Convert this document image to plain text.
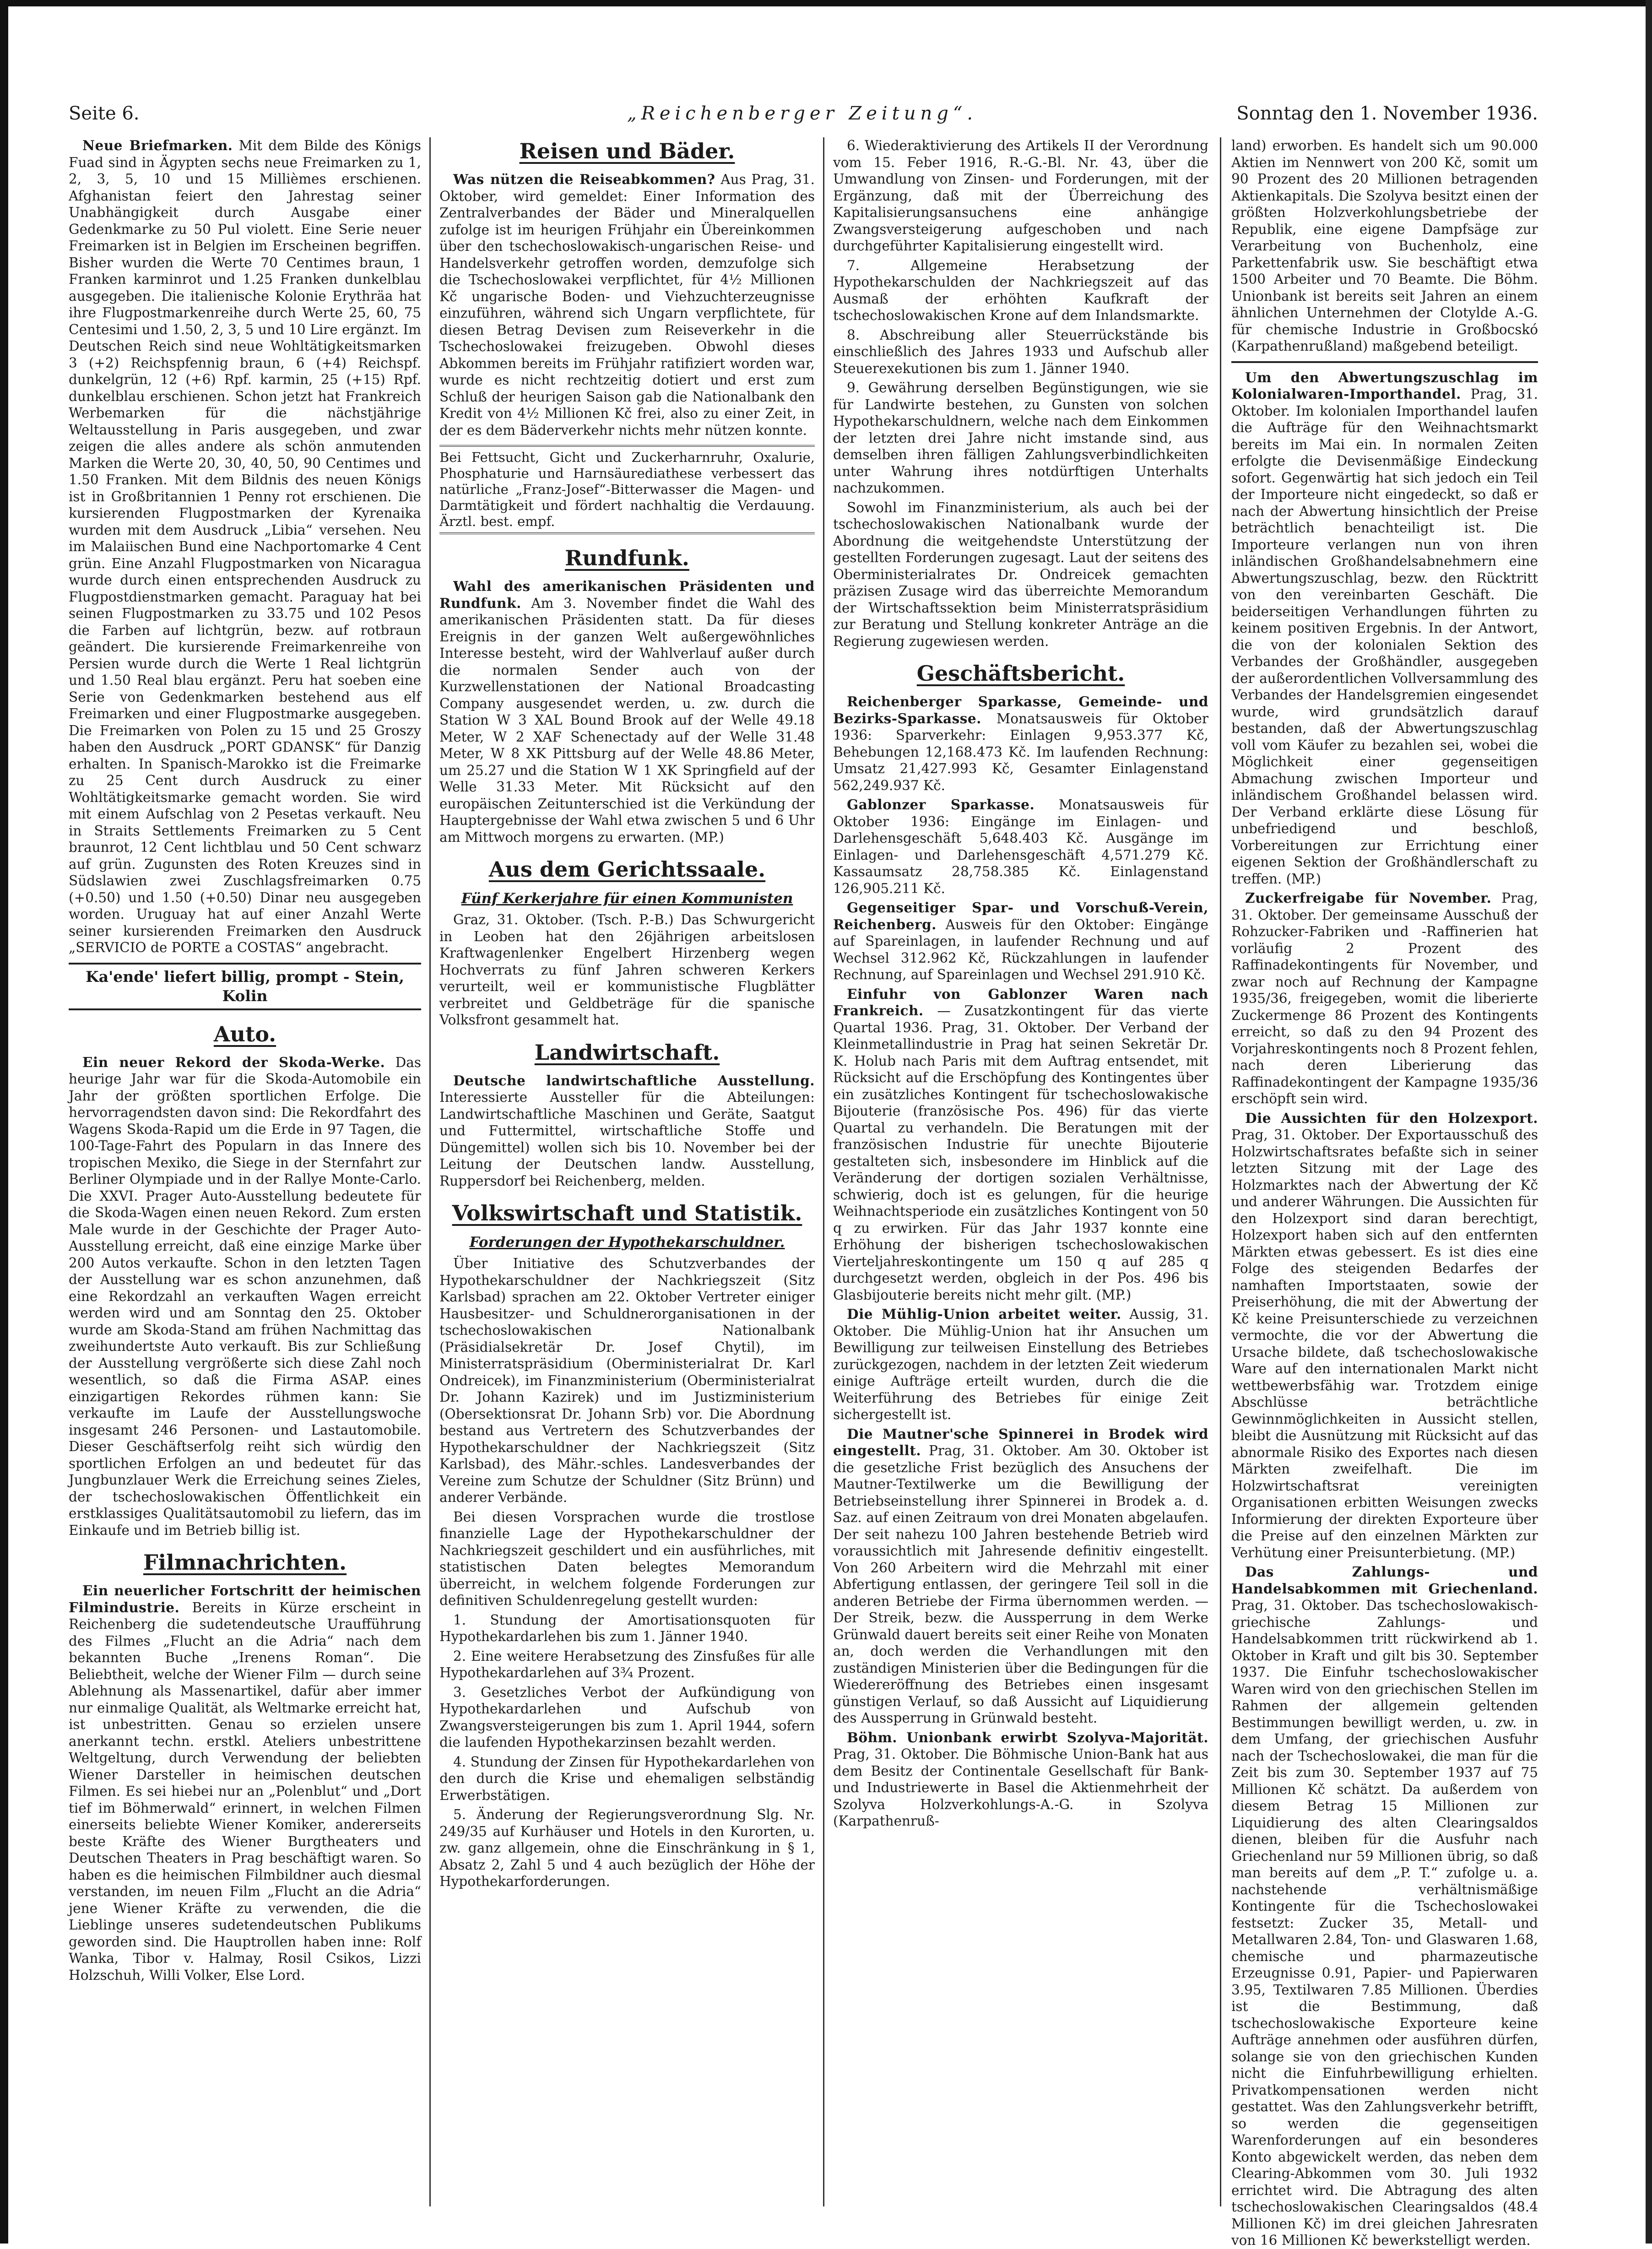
Seite 6.	„Reichenberger Zeitung“.	Sonntag den 1. November 1936.

Neue Briefmarken. Mit dem Bilde des Königs Fuad sind in Ägypten sechs neue Freimarken zu 1, 2, 3, 5, 10 und 15 Millièmes erschienen. Afghanistan feiert den Jahrestag seiner Unabhängigkeit durch Ausgabe einer Gedenkmarke zu 50 Pul violett. Eine Serie neuer Freimarken ist in Belgien im Erscheinen begriffen. Bisher wurden die Werte 70 Centimes braun, 1 Franken karminrot und 1.25 Franken dunkelblau ausgegeben. Die italienische Kolonie Erythräa hat ihre Flugpostmarkenreihe durch Werte 25, 60, 75 Centesimi und 1.50, 2, 3, 5 und 10 Lire ergänzt. Im Deutschen Reich sind neue Wohltätigkeitsmarken 3 (+2) Reichspfennig braun, 6 (+4) Reichspf. dunkelgrün, 12 (+6) Rpf. karmin, 25 (+15) Rpf. dunkelblau erschienen. Schon jetzt hat Frankreich Werbemarken für die nächstjährige Weltausstellung in Paris ausgegeben, und zwar zeigen die alles andere als schön anmutenden Marken die Werte 20, 30, 40, 50, 90 Centimes und 1.50 Franken. Mit dem Bildnis des neuen Königs ist in Großbritannien 1 Penny rot erschienen. Die kursierenden Flugpostmarken der Kyrenaika wurden mit dem Ausdruck „Libia“ versehen. Neu im Malaiischen Bund eine Nachportomarke 4 Cent grün. Eine Anzahl Flugpostmarken von Nicaragua wurde durch einen entsprechenden Ausdruck zu Flugpostdienstmarken gemacht. Paraguay hat bei seinen Flugpostmarken zu 33.75 und 102 Pesos die Farben auf lichtgrün, bezw. auf rotbraun geändert. Die kursierende Freimarkenreihe von Persien wurde durch die Werte 1 Real lichtgrün und 1.50 Real blau ergänzt. Peru hat soeben eine Serie von Gedenkmarken bestehend aus elf Freimarken und einer Flugpostmarke ausgegeben. Die Freimarken von Polen zu 15 und 25 Groszy haben den Ausdruck „PORT GDANSK“ für Danzig erhalten. In Spanisch-Marokko ist die Freimarke zu 25 Cent durch Ausdruck zu einer Wohltätigkeitsmarke gemacht worden. Sie wird mit einem Aufschlag von 2 Pesetas verkauft. Neu in Straits Settlements Freimarken zu 5 Cent braunrot, 12 Cent lichtblau und 50 Cent schwarz auf grün. Zugunsten des Roten Kreuzes sind in Südslawien zwei Zuschlagsfreimarken 0.75 (+0.50) und 1.50 (+0.50) Dinar neu ausgegeben worden. Uruguay hat auf einer Anzahl Werte seiner kursierenden Freimarken den Ausdruck „SERVICIO de PORTE a COSTAS“ angebracht.

Ka'ende' liefert billig, prompt - Stein, Kolin
Auto.

Ein neuer Rekord der Skoda-Werke. Das heurige Jahr war für die Skoda-Automobile ein Jahr der größten sportlichen Erfolge. Die hervorragendsten davon sind: Die Rekordfahrt des Wagens Skoda-Rapid um die Erde in 97 Tagen, die 100-Tage-Fahrt des Popularn in das Innere des tropischen Mexiko, die Siege in der Sternfahrt zur Berliner Olympiade und in der Rallye Monte-Carlo. Die XXVI. Prager Auto-Ausstellung bedeutete für die Skoda-Wagen einen neuen Rekord. Zum ersten Male wurde in der Geschichte der Prager Auto-Ausstellung erreicht, daß eine einzige Marke über 200 Autos verkaufte. Schon in den letzten Tagen der Ausstellung war es schon anzunehmen, daß eine Rekordzahl an verkauften Wagen erreicht werden wird und am Sonntag den 25. Oktober wurde am Skoda-Stand am frühen Nachmittag das zweihundertste Auto verkauft. Bis zur Schließung der Ausstellung vergrößerte sich diese Zahl noch wesentlich, so daß die Firma ASAP. eines einzigartigen Rekordes rühmen kann: Sie verkaufte im Laufe der Ausstellungswoche insgesamt 246 Personen- und Lastautomobile. Dieser Geschäftserfolg reiht sich würdig den sportlichen Erfolgen an und bedeutet für das Jungbunzlauer Werk die Erreichung seines Zieles, der tschechoslowakischen Öffentlichkeit ein erstklassiges Qualitätsautomobil zu liefern, das im Einkaufe und im Betrieb billig ist.

Filmnachrichten.

Ein neuerlicher Fortschritt der heimischen Filmindustrie. Bereits in Kürze erscheint in Reichenberg die sudetendeutsche Uraufführung des Filmes „Flucht an die Adria“ nach dem bekannten Buche „Irenens Roman“. Die Beliebtheit, welche der Wiener Film — durch seine Ablehnung als Massenartikel, dafür aber immer nur einmalige Qualität, als Weltmarke erreicht hat, ist unbestritten. Genau so erzielen unsere anerkannt techn. erstkl. Ateliers unbestrittene Weltgeltung, durch Verwendung der beliebten Wiener Darsteller in heimischen deutschen Filmen. Es sei hiebei nur an „Polenblut“ und „Dort tief im Böhmerwald“ erinnert, in welchen Filmen einerseits beliebte Wiener Komiker, andererseits beste Kräfte des Wiener Burgtheaters und Deutschen Theaters in Prag beschäftigt waren. So haben es die heimischen Filmbildner auch diesmal verstanden, im neuen Film „Flucht an die Adria“ jene Wiener Kräfte zu verwenden, die die Lieblinge unseres sudetendeutschen Publikums geworden sind. Die Hauptrollen haben inne: Rolf Wanka, Tibor v. Halmay, Rosil Csikos, Lizzi Holzschuh, Willi Volker, Else Lord.

Reisen und Bäder.

Was nützen die Reiseabkommen? Aus Prag, 31. Oktober, wird gemeldet: Einer Information des Zentralverbandes der Bäder und Mineralquellen zufolge ist im heurigen Frühjahr ein Übereinkommen über den tschechoslowakisch-ungarischen Reise- und Handelsverkehr getroffen worden, demzufolge sich die Tschechoslowakei verpflichtet, für 4½ Millionen Kč ungarische Boden- und Viehzuchterzeugnisse einzuführen, während sich Ungarn verpflichtete, für diesen Betrag Devisen zum Reiseverkehr in die Tschechoslowakei freizugeben. Obwohl dieses Abkommen bereits im Frühjahr ratifiziert worden war, wurde es nicht rechtzeitig dotiert und erst zum Schluß der heurigen Saison gab die Nationalbank den Kredit von 4½ Millionen Kč frei, also zu einer Zeit, in der es dem Bäderverkehr nichts mehr nützen konnte.

Bei Fettsucht, Gicht und Zuckerharnruhr, Oxalurie, Phosphaturie und Harnsäurediathese verbessert das natürliche „Franz-Josef“-Bitterwasser die Magen- und Darmtätigkeit und fördert nachhaltig die Verdauung. Ärztl. best. empf.

Rundfunk.

Wahl des amerikanischen Präsidenten und Rundfunk. Am 3. November findet die Wahl des amerikanischen Präsidenten statt. Da für dieses Ereignis in der ganzen Welt außergewöhnliches Interesse besteht, wird der Wahlverlauf außer durch die normalen Sender auch von der Kurzwellenstationen der National Broadcasting Company ausgesendet werden, u. zw. durch die Station W 3 XAL Bound Brook auf der Welle 49.18 Meter, W 2 XAF Schenectady auf der Welle 31.48 Meter, W 8 XK Pittsburg auf der Welle 48.86 Meter, um 25.27 und die Station W 1 XK Springfield auf der Welle 31.33 Meter. Mit Rücksicht auf den europäischen Zeitunterschied ist die Verkündung der Hauptergebnisse der Wahl etwa zwischen 5 und 6 Uhr am Mittwoch morgens zu erwarten. (MP.)

Aus dem Gerichtssaale.
Fünf Kerkerjahre für einen Kommunisten

Graz, 31. Oktober. (Tsch. P.-B.) Das Schwurgericht in Leoben hat den 26jährigen arbeitslosen Kraftwagenlenker Engelbert Hirzenberg wegen Hochverrats zu fünf Jahren schweren Kerkers verurteilt, weil er kommunistische Flugblätter verbreitet und Geldbeträge für die spanische Volksfront gesammelt hat.

Landwirtschaft.

Deutsche landwirtschaftliche Ausstellung. Interessierte Aussteller für die Abteilungen: Landwirtschaftliche Maschinen und Geräte, Saatgut und Futtermittel, wirtschaftliche Stoffe und Düngemittel) wollen sich bis 10. November bei der Leitung der Deutschen landw. Ausstellung, Ruppersdorf bei Reichenberg, melden.

Volkswirtschaft und Statistik.
Forderungen der Hypothekarschuldner.

Über Initiative des Schutzverbandes der Hypothekarschuldner der Nachkriegszeit (Sitz Karlsbad) sprachen am 22. Oktober Vertreter einiger Hausbesitzer- und Schuldnerorganisationen in der tschechoslowakischen Nationalbank (Präsidialsekretär Dr. Josef Chytil), im Ministerratspräsidium (Oberministerialrat Dr. Karl Ondreicek), im Finanzministerium (Oberministerialrat Dr. Johann Kazirek) und im Justizministerium (Obersektionsrat Dr. Johann Srb) vor. Die Abordnung bestand aus Vertretern des Schutzverbandes der Hypothekarschuldner der Nachkriegszeit (Sitz Karlsbad), des Mähr.-schles. Landesverbandes der Vereine zum Schutze der Schuldner (Sitz Brünn) und anderer Verbände.

Bei diesen Vorsprachen wurde die trostlose finanzielle Lage der Hypothekarschuldner der Nachkriegszeit geschildert und ein ausführliches, mit statistischen Daten belegtes Memorandum überreicht, in welchem folgende Forderungen zur definitiven Schuldenregelung gestellt wurden:

1. Stundung der Amortisationsquoten für Hypothekardarlehen bis zum 1. Jänner 1940.

2. Eine weitere Herabsetzung des Zinsfußes für alle Hypothekardarlehen auf 3¾ Prozent.

3. Gesetzliches Verbot der Aufkündigung von Hypothekardarlehen und Aufschub von Zwangsversteigerungen bis zum 1. April 1944, sofern die laufenden Hypothekarzinsen bezahlt werden.

4. Stundung der Zinsen für Hypothekardarlehen von den durch die Krise und ehemaligen selbständig Erwerbstätigen.

5. Änderung der Regierungsverordnung Slg. Nr. 249/35 auf Kurhäuser und Hotels in den Kurorten, u. zw. ganz allgemein, ohne die Einschränkung in § 1, Absatz 2, Zahl 5 und 4 auch bezüglich der Höhe der Hypothekarforderungen.

6. Wiederaktivierung des Artikels II der Verordnung vom 15. Feber 1916, R.-G.-Bl. Nr. 43, über die Umwandlung von Zinsen- und Forderungen, mit der Ergänzung, daß mit der Überreichung des Kapitalisierungsansuchens eine anhängige Zwangsversteigerung aufgeschoben und nach durchgeführter Kapitalisierung eingestellt wird.

7. Allgemeine Herabsetzung der Hypothekarschulden der Nachkriegszeit auf das Ausmaß der erhöhten Kaufkraft der tschechoslowakischen Krone auf dem Inlandsmarkte.

8. Abschreibung aller Steuerrückstände bis einschließlich des Jahres 1933 und Aufschub aller Steuerexekutionen bis zum 1. Jänner 1940.

9. Gewährung derselben Begünstigungen, wie sie für Landwirte bestehen, zu Gunsten von solchen Hypothekarschuldnern, welche nach dem Einkommen der letzten drei Jahre nicht imstande sind, aus demselben ihren fälligen Zahlungsverbindlichkeiten unter Wahrung ihres notdürftigen Unterhalts nachzukommen.

Sowohl im Finanzministerium, als auch bei der tschechoslowakischen Nationalbank wurde der Abordnung die weitgehendste Unterstützung der gestellten Forderungen zugesagt. Laut der seitens des Oberministerialrates Dr. Ondreicek gemachten präzisen Zusage wird das überreichte Memorandum der Wirtschaftssektion beim Ministerratspräsidium zur Beratung und Stellung konkreter Anträge an die Regierung zugewiesen werden.

Geschäftsbericht.

Reichenberger Sparkasse, Gemeinde- und Bezirks-Sparkasse. Monatsausweis für Oktober 1936: Sparverkehr: Einlagen 9,953.377 Kč, Behebungen 12,168.473 Kč. Im laufenden Rechnung: Umsatz 21,427.993 Kč, Gesamter Einlagenstand 562,249.937 Kč.

Gablonzer Sparkasse. Monatsausweis für Oktober 1936: Eingänge im Einlagen- und Darlehensgeschäft 5,648.403 Kč. Ausgänge im Einlagen- und Darlehensgeschäft 4,571.279 Kč. Kassaumsatz 28,758.385 Kč. Einlagenstand 126,905.211 Kč.

Gegenseitiger Spar- und Vorschuß-Verein, Reichenberg. Ausweis für den Oktober: Eingänge auf Spareinlagen, in laufender Rechnung und auf Wechsel 312.962 Kč, Rückzahlungen in laufender Rechnung, auf Spareinlagen und Wechsel 291.910 Kč.

Einfuhr von Gablonzer Waren nach Frankreich. — Zusatzkontingent für das vierte Quartal 1936. Prag, 31. Oktober. Der Verband der Kleinmetallindustrie in Prag hat seinen Sekretär Dr. K. Holub nach Paris mit dem Auftrag entsendet, mit Rücksicht auf die Erschöpfung des Kontingentes über ein zusätzliches Kontingent für tschechoslowakische Bijouterie (französische Pos. 496) für das vierte Quartal zu verhandeln. Die Beratungen mit der französischen Industrie für unechte Bijouterie gestalteten sich, insbesondere im Hinblick auf die Veränderung der dortigen sozialen Verhältnisse, schwierig, doch ist es gelungen, für die heurige Weihnachtsperiode ein zusätzliches Kontingent von 50 q zu erwirken. Für das Jahr 1937 konnte eine Erhöhung der bisherigen tschechoslowakischen Vierteljahreskontingente um 150 q auf 285 q durchgesetzt werden, obgleich in der Pos. 496 bis Glasbijouterie bereits nicht mehr gilt. (MP.)

Die Mühlig-Union arbeitet weiter. Aussig, 31. Oktober. Die Mühlig-Union hat ihr Ansuchen um Bewilligung zur teilweisen Einstellung des Betriebes zurückgezogen, nachdem in der letzten Zeit wiederum einige Aufträge erteilt wurden, durch die die Weiterführung des Betriebes für einige Zeit sichergestellt ist.

Die Mautner'sche Spinnerei in Brodek wird eingestellt. Prag, 31. Oktober. Am 30. Oktober ist die gesetzliche Frist bezüglich des Ansuchens der Mautner-Textilwerke um die Bewilligung der Betriebseinstellung ihrer Spinnerei in Brodek a. d. Saz. auf einen Zeitraum von drei Monaten abgelaufen. Der seit nahezu 100 Jahren bestehende Betrieb wird voraussichtlich mit Jahresende definitiv eingestellt. Von 260 Arbeitern wird die Mehrzahl mit einer Abfertigung entlassen, der geringere Teil soll in die anderen Betriebe der Firma übernommen werden. — Der Streik, bezw. die Aussperrung in dem Werke Grünwald dauert bereits seit einer Reihe von Monaten an, doch werden die Verhandlungen mit den zuständigen Ministerien über die Bedingungen für die Wiedereröffnung des Betriebes einen insgesamt günstigen Verlauf, so daß Aussicht auf Liquidierung des Aussperrung in Grünwald besteht.

Böhm. Unionbank erwirbt Szolyva-Majorität. Prag, 31. Oktober. Die Böhmische Union-Bank hat aus dem Besitz der Continentale Gesellschaft für Bank- und Industriewerte in Basel die Aktienmehrheit der Szolyva Holzverkohlungs-A.-G. in Szolyva (Karpathenruß-

land) erworben. Es handelt sich um 90.000 Aktien im Nennwert von 200 Kč, somit um 90 Prozent des 20 Millionen betragenden Aktienkapitals. Die Szolyva besitzt einen der größten Holzverkohlungsbetriebe der Republik, eine eigene Dampfsäge zur Verarbeitung von Buchenholz, eine Parkettenfabrik usw. Sie beschäftigt etwa 1500 Arbeiter und 70 Beamte. Die Böhm. Unionbank ist bereits seit Jahren an einem ähnlichen Unternehmen der Clotylde A.-G. für chemische Industrie in Großbocskó (Karpathenrußland) maßgebend beteiligt.

Um den Abwertungszuschlag im Kolonialwaren-Importhandel. Prag, 31. Oktober. Im kolonialen Importhandel laufen die Aufträge für den Weihnachtsmarkt bereits im Mai ein. In normalen Zeiten erfolgte die Devisenmäßige Eindeckung sofort. Gegenwärtig hat sich jedoch ein Teil der Importeure nicht eingedeckt, so daß er nach der Abwertung hinsichtlich der Preise beträchtlich benachteiligt ist. Die Importeure verlangen nun von ihren inländischen Großhandelsabnehmern eine Abwertungszuschlag, bezw. den Rücktritt von den vereinbarten Geschäft. Die beiderseitigen Verhandlungen führten zu keinem positiven Ergebnis. In der Antwort, die von der kolonialen Sektion des Verbandes der Großhändler, ausgegeben der außerordentlichen Vollversammlung des Verbandes der Handelsgremien eingesendet wurde, wird grundsätzlich darauf bestanden, daß der Abwertungszuschlag voll vom Käufer zu bezahlen sei, wobei die Möglichkeit einer gegenseitigen Abmachung zwischen Importeur und inländischem Großhandel belassen wird. Der Verband erklärte diese Lösung für unbefriedigend und beschloß, Vorbereitungen zur Errichtung einer eigenen Sektion der Großhändlerschaft zu treffen. (MP.)

Zuckerfreigabe für November. Prag, 31. Oktober. Der gemeinsame Ausschuß der Rohzucker-Fabriken und -Raffinerien hat vorläufig 2 Prozent des Raffinadekontingents für November, und zwar noch auf Rechnung der Kampagne 1935/36, freigegeben, womit die liberierte Zuckermenge 86 Prozent des Kontingents erreicht, so daß zu den 94 Prozent des Vorjahreskontingents noch 8 Prozent fehlen, nach deren Liberierung das Raffinadekontingent der Kampagne 1935/36 erschöpft sein wird.

Die Aussichten für den Holzexport. Prag, 31. Oktober. Der Exportausschuß des Holzwirtschaftsrates befaßte sich in seiner letzten Sitzung mit der Lage des Holzmarktes nach der Abwertung der Kč und anderer Währungen. Die Aussichten für den Holzexport sind daran berechtigt, Holzexport haben sich auf den entfernten Märkten etwas gebessert. Es ist dies eine Folge des steigenden Bedarfes der namhaften Importstaaten, sowie der Preiserhöhung, die mit der Abwertung der Kč keine Preisunterschiede zu verzeichnen vermochte, die vor der Abwertung die Ursache bildete, daß tschechoslowakische Ware auf den internationalen Markt nicht wettbewerbsfähig war. Trotzdem einige Abschlüsse beträchtliche Gewinnmöglichkeiten in Aussicht stellen, bleibt die Ausnützung mit Rücksicht auf das abnormale Risiko des Exportes nach diesen Märkten zweifelhaft. Die im Holzwirtschaftsrat vereinigten Organisationen erbitten Weisungen zwecks Informierung der direkten Exporteure über die Preise auf den einzelnen Märkten zur Verhütung einer Preisunterbietung. (MP.)

Das Zahlungs- und Handelsabkommen mit Griechenland. Prag, 31. Oktober. Das tschechoslowakisch-griechische Zahlungs- und Handelsabkommen tritt rückwirkend ab 1. Oktober in Kraft und gilt bis 30. September 1937. Die Einfuhr tschechoslowakischer Waren wird von den griechischen Stellen im Rahmen der allgemein geltenden Bestimmungen bewilligt werden, u. zw. in dem Umfang, der griechischen Ausfuhr nach der Tschechoslowakei, die man für die Zeit bis zum 30. September 1937 auf 75 Millionen Kč schätzt. Da außerdem von diesem Betrag 15 Millionen zur Liquidierung des alten Clearingsaldos dienen, bleiben für die Ausfuhr nach Griechenland nur 59 Millionen übrig, so daß man bereits auf dem „P. T.“ zufolge u. a. nachstehende verhältnismäßige Kontingente für die Tschechoslowakei festsetzt: Zucker 35, Metall- und Metallwaren 2.84, Ton- und Glaswaren 1.68, chemische und pharmazeutische Erzeugnisse 0.91, Papier- und Papierwaren 3.95, Textilwaren 7.85 Millionen. Überdies ist die Bestimmung, daß tschechoslowakische Exporteure keine Aufträge annehmen oder ausführen dürfen, solange sie von den griechischen Kunden nicht die Einfuhrbewilligung erhielten. Privatkompensationen werden nicht gestattet. Was den Zahlungsverkehr betrifft, so werden die gegenseitigen Warenforderungen auf ein besonderes Konto abgewickelt werden, das neben dem Clearing-Abkommen vom 30. Juli 1932 errichtet wird. Die Abtragung des alten tschechoslowakischen Clearingsaldos (48.4 Millionen Kč) im drei gleichen Jahresraten von 16 Millionen Kč bewerkstelligt werden.
